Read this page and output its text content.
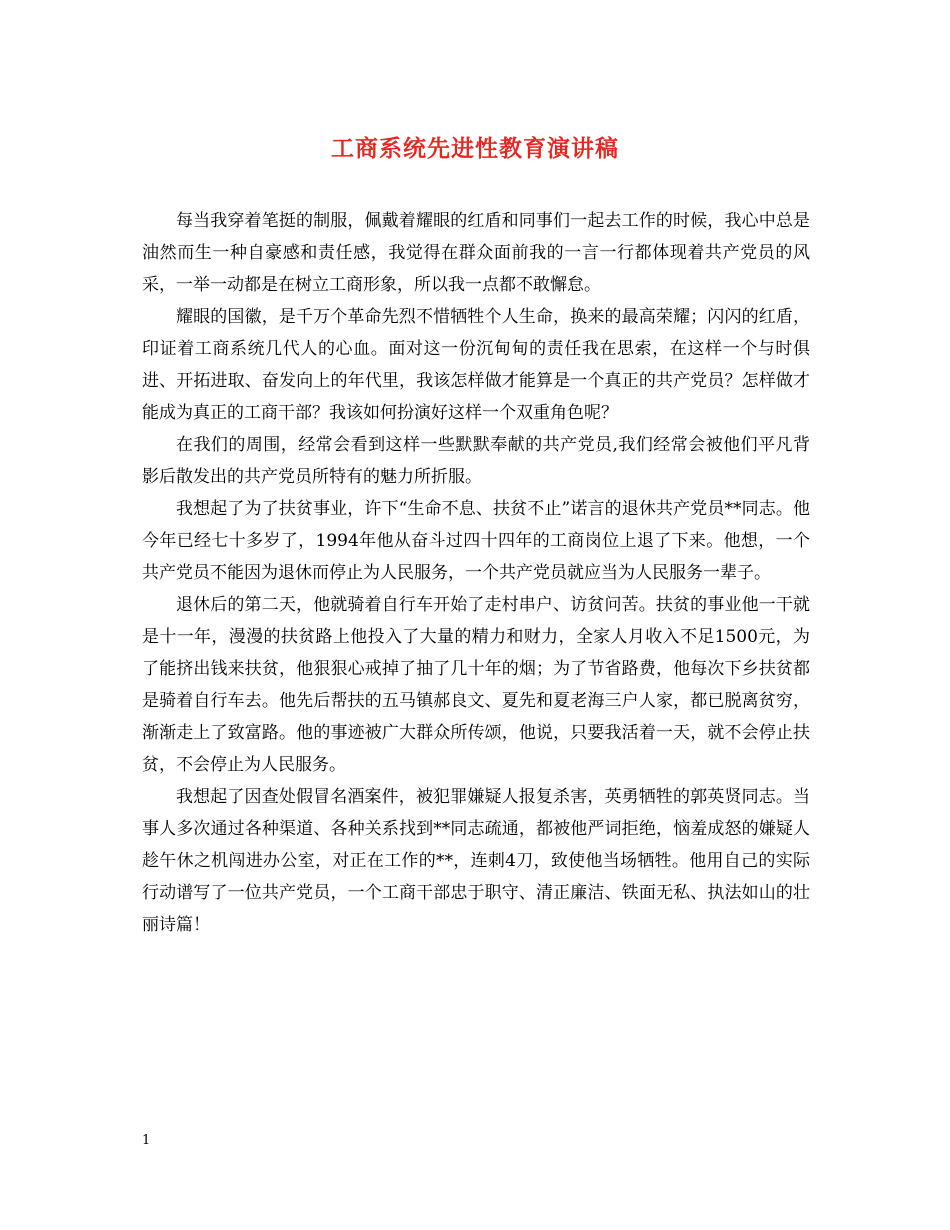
工商系统先进性教育演讲稿

每当我穿着笔挺的制服，佩戴着耀眼的红盾和同事们一起去工作的时候，我心中总是油然而生一种自豪感和责任感，我觉得在群众面前我的一言一行都体现着共产党员的风采，一举一动都是在树立工商形象，所以我一点都不敢懈怠。

耀眼的国徽，是千万个革命先烈不惜牺牲个人生命，换来的最高荣耀；闪闪的红盾，印证着工商系统几代人的心血。面对这一份沉甸甸的责任我在思索，在这样一个与时俱进、开拓进取、奋发向上的年代里，我该怎样做才能算是一个真正的共产党员？怎样做才能成为真正的工商干部？我该如何扮演好这样一个双重角色呢？

在我们的周围，经常会看到这样一些默默奉献的共产党员,我们经常会被他们平凡背影后散发出的共产党员所特有的魅力所折服。

我想起了为了扶贫事业，许下“生命不息、扶贫不止”诺言的退休共产党员**同志。他今年已经七十多岁了，1994年他从奋斗过四十四年的工商岗位上退了下来。他想，一个共产党员不能因为退休而停止为人民服务，一个共产党员就应当为人民服务一辈子。

退休后的第二天，他就骑着自行车开始了走村串户、访贫问苦。扶贫的事业他一干就是十一年，漫漫的扶贫路上他投入了大量的精力和财力，全家人月收入不足1500元，为了能挤出钱来扶贫，他狠狠心戒掉了抽了几十年的烟；为了节省路费，他每次下乡扶贫都是骑着自行车去。他先后帮扶的五马镇郝良文、夏先和夏老海三户人家，都已脱离贫穷，渐渐走上了致富路。他的事迹被广大群众所传颂，他说，只要我活着一天，就不会停止扶贫，不会停止为人民服务。

我想起了因查处假冒名酒案件，被犯罪嫌疑人报复杀害，英勇牺牲的郭英贤同志。当事人多次通过各种渠道、各种关系找到**同志疏通，都被他严词拒绝，恼羞成怒的嫌疑人趁午休之机闯进办公室，对正在工作的**，连刺4刀，致使他当场牺牲。他用自己的实际行动谱写了一位共产党员，一个工商干部忠于职守、清正廉洁、铁面无私、执法如山的壮丽诗篇！

1
